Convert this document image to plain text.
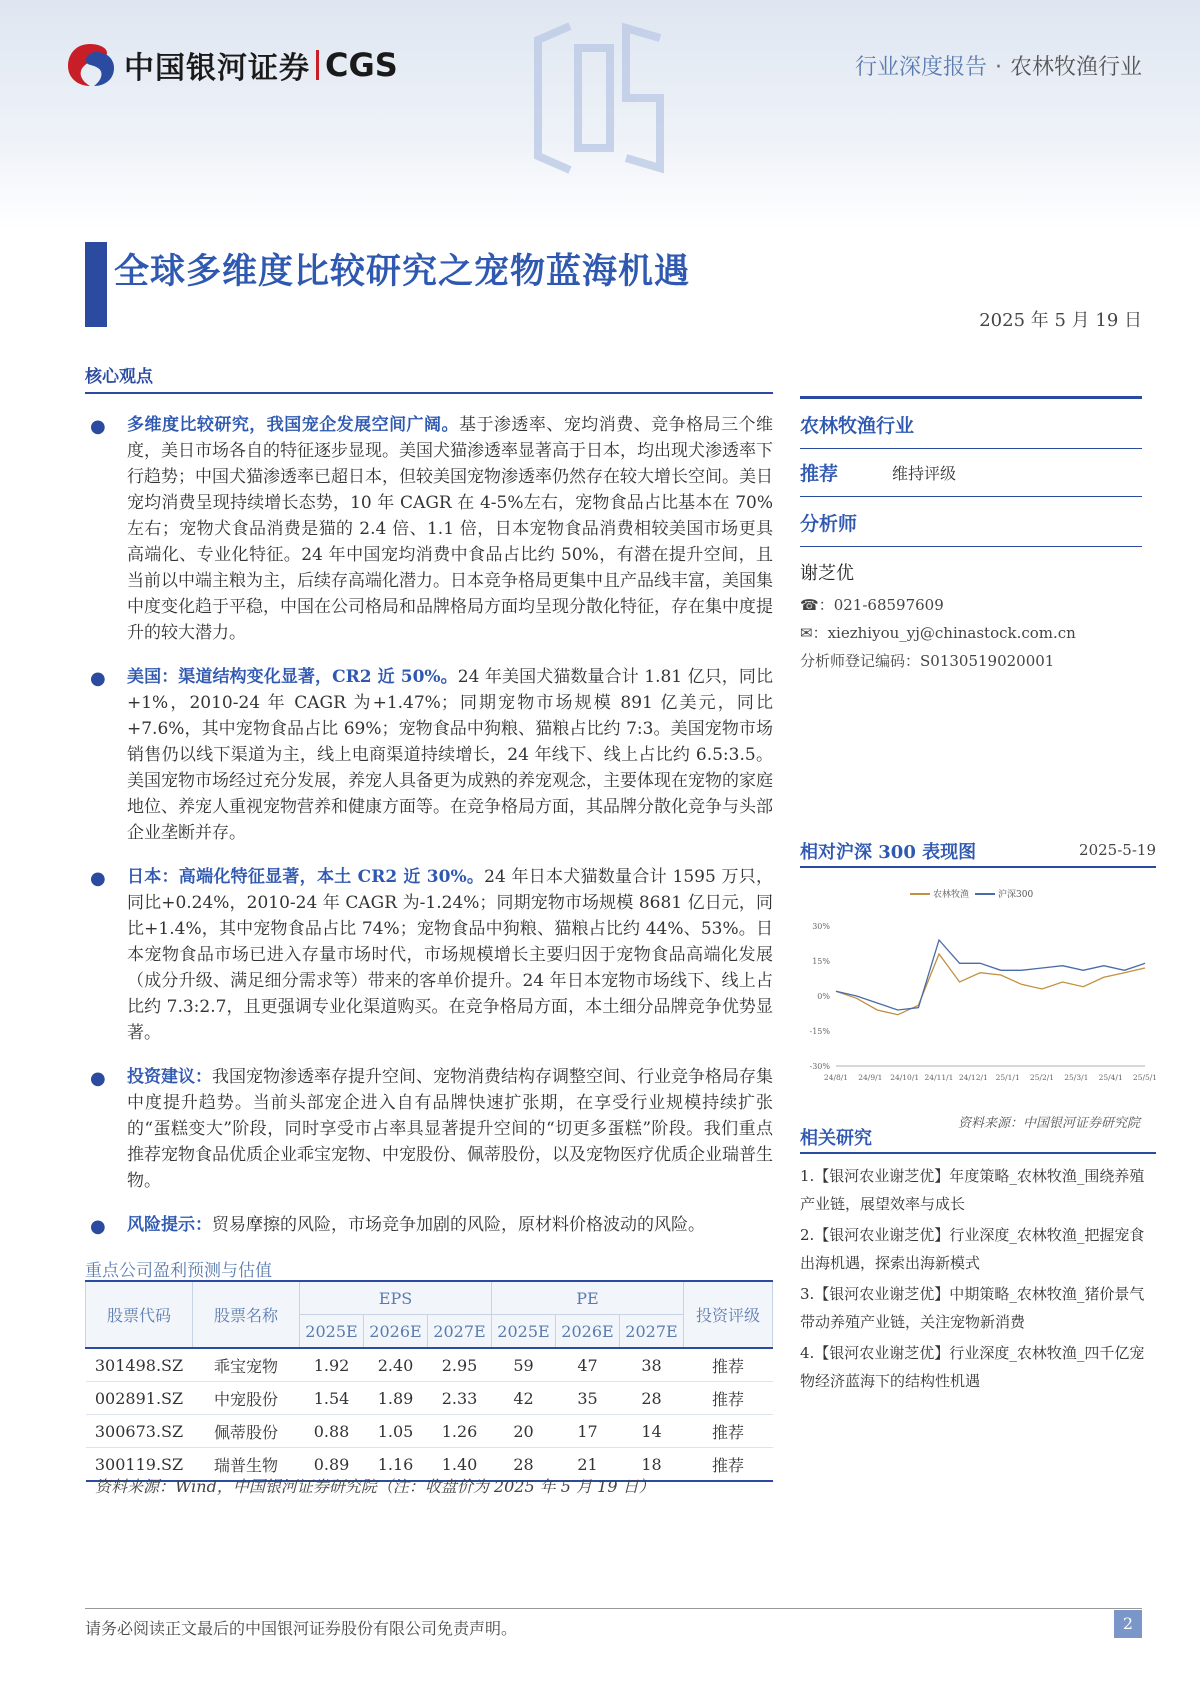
中国银河证券 CGS	行业深度报告 · 农林牧渔行业
全球多维度比较研究之宠物蓝海机遇
2025 年 5 月 19 日
核心观点
● 多维度比较研究，我国宠企发展空间广阔。基于渗透率、宠均消费、竞争格局三个维度，美日市场各自的特征逐步显现。美国犬猫渗透率显著高于日本，均出现犬渗透率下行趋势；中国犬猫渗透率已超日本，但较美国宠物渗透率仍然存在较大增长空间。美日宠均消费呈现持续增长态势，10 年 CAGR 在 4-5%左右，宠物食品占比基本在 70%左右；宠物犬食品消费是猫的 2.4 倍、1.1 倍，日本宠物食品消费相较美国市场更具高端化、专业化特征。24 年中国宠均消费中食品占比约 50%，有潜在提升空间，且当前以中端主粮为主，后续存高端化潜力。日本竞争格局更集中且产品线丰富，美国集中度变化趋于平稳，中国在公司格局和品牌格局方面均呈现分散化特征，存在集中度提升的较大潜力。

● 美国：渠道结构变化显著，CR2 近 50%。24 年美国犬猫数量合计 1.81 亿只，同比+1%，2010-24 年 CAGR 为+1.47%；同期宠物市场规模 891 亿美元，同比+7.6%，其中宠物食品占比 69%；宠物食品中狗粮、猫粮占比约 7:3。美国宠物市场销售仍以线下渠道为主，线上电商渠道持续增长，24 年线下、线上占比约 6.5:3.5。美国宠物市场经过充分发展，养宠人具备更为成熟的养宠观念，主要体现在宠物的家庭地位、养宠人重视宠物营养和健康方面等。在竞争格局方面，其品牌分散化竞争与头部企业垄断并存。

● 日本：高端化特征显著，本土 CR2 近 30%。24 年日本犬猫数量合计 1595 万只，同比+0.24%，2010-24 年 CAGR 为-1.24%；同期宠物市场规模 8681 亿日元，同比+1.4%，其中宠物食品占比 74%；宠物食品中狗粮、猫粮占比约 44%、53%。日本宠物食品市场已进入存量市场时代，市场规模增长主要归因于宠物食品高端化发展（成分升级、满足细分需求等）带来的客单价提升。24 年日本宠物市场线下、线上占比约 7.3:2.7，且更强调专业化渠道购买。在竞争格局方面，本土细分品牌竞争优势显著。

● 投资建议：我国宠物渗透率存提升空间、宠物消费结构存调整空间、行业竞争格局存集中度提升趋势。当前头部宠企进入自有品牌快速扩张期，在享受行业规模持续扩张的“蛋糕变大”阶段，同时享受市占率具显著提升空间的“切更多蛋糕”阶段。我们重点推荐宠物食品优质企业乖宝宠物、中宠股份、佩蒂股份，以及宠物医疗优质企业瑞普生物。

● 风险提示：贸易摩擦的风险，市场竞争加剧的风险，原材料价格波动的风险。

农林牧渔行业
推荐	维持评级
分析师
谢芝优
☎：021-68597609
✉：xiezhiyou_yj@chinastock.com.cn
分析师登记编码：S0130519020001
相对沪深 300 表现图	2025-5-19
农林牧渔	沪深300
30%
15%
0%
-15%
-30%
24/8/1 24/9/1 24/10/1 24/11/1 24/12/1 25/1/1 25/2/1 25/3/1 25/4/1 25/5/1
资料来源：中国银河证券研究院
相关研究
1.【银河农业谢芝优】年度策略_农林牧渔_围绕养殖产业链，展望效率与成长
2.【银河农业谢芝优】行业深度_农林牧渔_把握宠食出海机遇，探索出海新模式
3.【银河农业谢芝优】中期策略_农林牧渔_猪价景气带动养殖产业链，关注宠物新消费
4.【银河农业谢芝优】行业深度_农林牧渔_四千亿宠物经济蓝海下的结构性机遇
重点公司盈利预测与估值
股票代码	股票名称	EPS			PE			投资评级
		2025E	2026E	2027E	2025E	2026E	2027E	
301498.SZ	乖宝宠物	1.92	2.40	2.95	59	47	38	推荐
002891.SZ	中宠股份	1.54	1.89	2.33	42	35	28	推荐
300673.SZ	佩蒂股份	0.88	1.05	1.26	20	17	14	推荐
300119.SZ	瑞普生物	0.89	1.16	1.40	28	21	18	推荐
资料来源：Wind，中国银河证券研究院（注：收盘价为 2025 年 5 月 19 日）
请务必阅读正文最后的中国银河证券股份有限公司免责声明。	2
